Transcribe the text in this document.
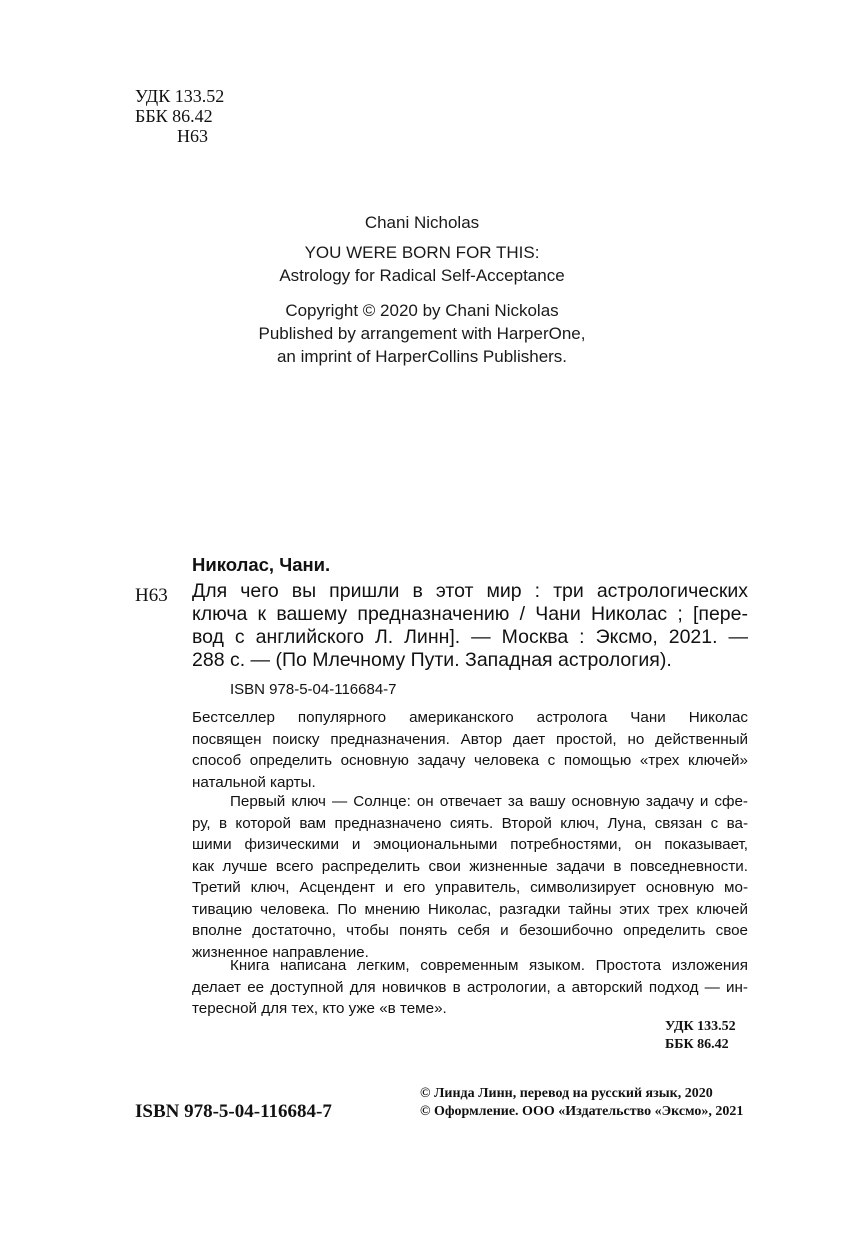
УДК 133.52
ББК 86.42
Н63
Chani Nicholas
YOU WERE BORN FOR THIS:
Astrology for Radical Self-Acceptance
Copyright © 2020 by Chani Nickolas
Published by arrangement with HarperOne,
an imprint of HarperCollins Publishers.
Николас, Чани.
Н63 Для чего вы пришли в этот мир : три астрологических
ключа к вашему предназначению / Чани Николас ; [пере-
вод с английского Л. Линн]. — Москва : Эксмо, 2021. —
288 с. — (По Млечному Пути. Западная астрология).
ISBN 978-5-04-116684-7
Бестселлер популярного американского астролога Чани Николас
посвящен поиску предназначения. Автор дает простой, но действенный
способ определить основную задачу человека с помощью «трех ключей»
натальной карты.
Первый ключ — Солнце: он отвечает за вашу основную задачу и сфе-
ру, в которой вам предназначено сиять. Второй ключ, Луна, связан с ва-
шими физическими и эмоциональными потребностями, он показывает,
как лучше всего распределить свои жизненные задачи в повседневности.
Третий ключ, Асцендент и его управитель, символизирует основную мо-
тивацию человека. По мнению Николас, разгадки тайны этих трех ключей
вполне достаточно, чтобы понять себя и безошибочно определить свое
жизненное направление.
Книга написана легким, современным языком. Простота изложения
делает ее доступной для новичков в астрологии, а авторский подход — ин-
тересной для тех, кто уже «в теме».
УДК 133.52
ББК 86.42
ISBN 978-5-04-116684-7
© Линда Линн, перевод на русский язык, 2020
© Оформление. ООО «Издательство «Эксмо», 2021
